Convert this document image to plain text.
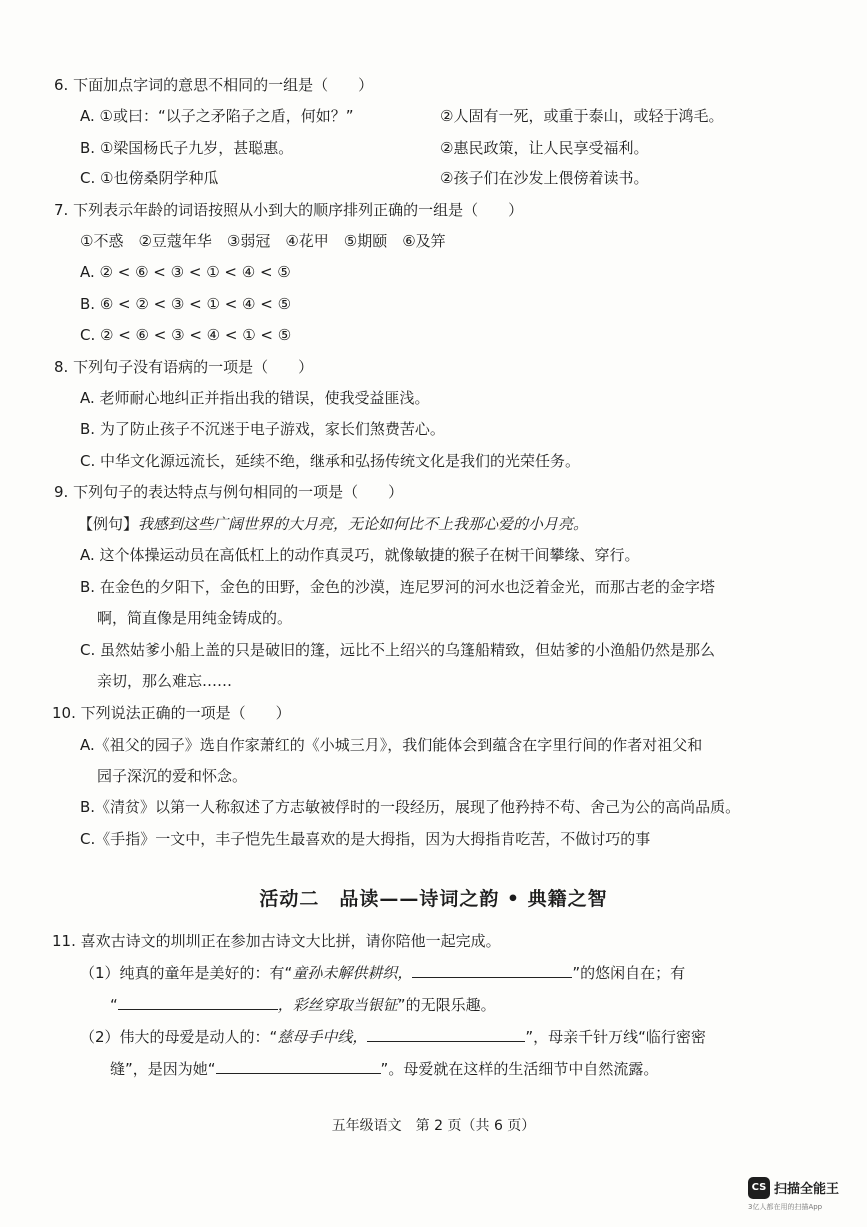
6. 下面加点字词的意思不相同的一组是（　　）
A. ①或曰：“以子之矛陷子之盾，何如？”	②人固有一死，或重于泰山，或轻于鸿毛。
B. ①梁国杨氏子九岁，甚聪惠。	②惠民政策，让人民享受福利。
C. ①也傍桑阴学种瓜	②孩子们在沙发上偎傍着读书。
7. 下列表示年龄的词语按照从小到大的顺序排列正确的一组是（　　）
①不惑　②豆蔻年华　③弱冠　④花甲　⑤期颐　⑥及笄
A. ② < ⑥ < ③ < ① < ④ < ⑤
B. ⑥ < ② < ③ < ① < ④ < ⑤
C. ② < ⑥ < ③ < ④ < ① < ⑤
8. 下列句子没有语病的一项是（　　）
A. 老师耐心地纠正并指出我的错误，使我受益匪浅。
B. 为了防止孩子不沉迷于电子游戏，家长们煞费苦心。
C. 中华文化源远流长，延续不绝，继承和弘扬传统文化是我们的光荣任务。
9. 下列句子的表达特点与例句相同的一项是（　　）
【例句】我感到这些广阔世界的大月亮，无论如何比不上我那心爱的小月亮。
A. 这个体操运动员在高低杠上的动作真灵巧，就像敏捷的猴子在树干间攀缘、穿行。
B. 在金色的夕阳下，金色的田野，金色的沙漠，连尼罗河的河水也泛着金光，而那古老的金字塔
啊，简直像是用纯金铸成的。
C. 虽然姑爹小船上盖的只是破旧的篷，远比不上绍兴的乌篷船精致，但姑爹的小渔船仍然是那么
亲切，那么难忘……
10. 下列说法正确的一项是（　　）
A.《祖父的园子》选自作家萧红的《小城三月》，我们能体会到蕴含在字里行间的作者对祖父和
园子深沉的爱和怀念。
B.《清贫》以第一人称叙述了方志敏被俘时的一段经历，展现了他矜持不苟、舍己为公的高尚品质。
C.《手指》一文中，丰子恺先生最喜欢的是大拇指，因为大拇指肯吃苦，不做讨巧的事
活动二　品读——诗词之韵 • 典籍之智
11. 喜欢古诗文的圳圳正在参加古诗文大比拼，请你陪他一起完成。
（1）纯真的童年是美好的：有“童孙未解供耕织，	”的悠闲自在；有
“	，彩丝穿取当银钲”的无限乐趣。
（2）伟大的母爱是动人的：“慈母手中线，	”，母亲千针万线“临行密密
缝”，是因为她“	”。母爱就在这样的生活细节中自然流露。
五年级语文　第 2 页（共 6 页）
CS 扫描全能王
3亿人都在用的扫描App
